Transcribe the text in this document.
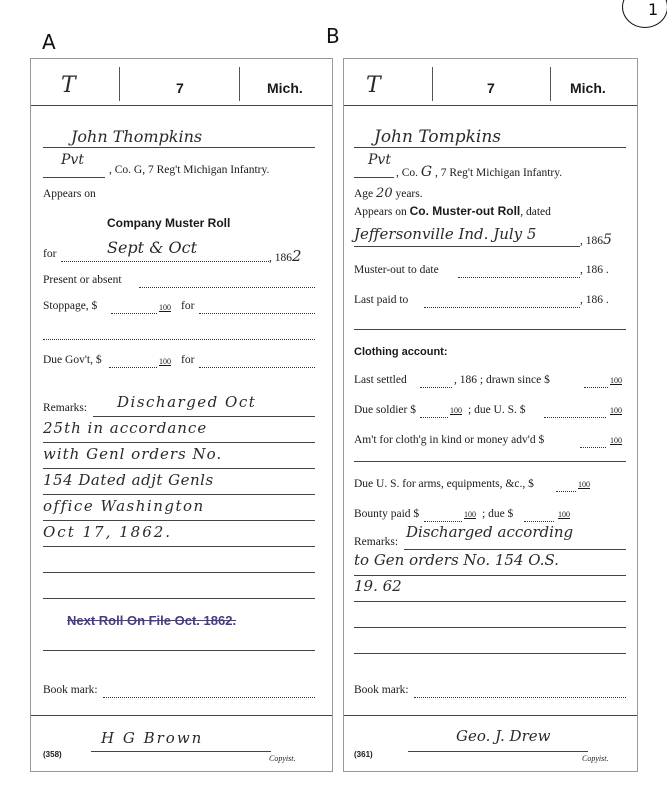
A	B
1
T	7	Mich.
John Thompkins
Pvt
, Co. G, 7 Reg't Michigan Infantry.
Appears on
Company Muster Roll
for	Sept & Oct
, 1862
Present or absent
Stoppage, $	100 for
Due Gov't, $	100 for
Remarks: Discharged Oct
25th in accordance
with Genl orders No.
154 Dated adjt Genls
office Washington
Oct 17, 1862.
Next Roll On File Oct. 1862.
Book mark:
H G Brown
(358)	Copyist.
T	7	Mich.
John Tompkins
Pvt
, Co. G , 7 Reg't Michigan Infantry.
Age 20 years.
Appears on Co. Muster-out Roll, dated
Jeffersonville Ind. July 5	, 1865
Muster-out to date	, 186 .
Last paid to	, 186 .
Clothing account:
Last settled	, 186 ; drawn since $	100
Due soldier $	100 ; due U. S. $	100
Am't for cloth'g in kind or money adv'd $	100
Due U. S. for arms, equipments, &c., $	100
Bounty paid $	100 ; due $	100
Remarks:
Discharged according
to Gen orders No. 154 O.S.
19. 62
Book mark:
Geo. J. Drew
(361)	Copyist.
